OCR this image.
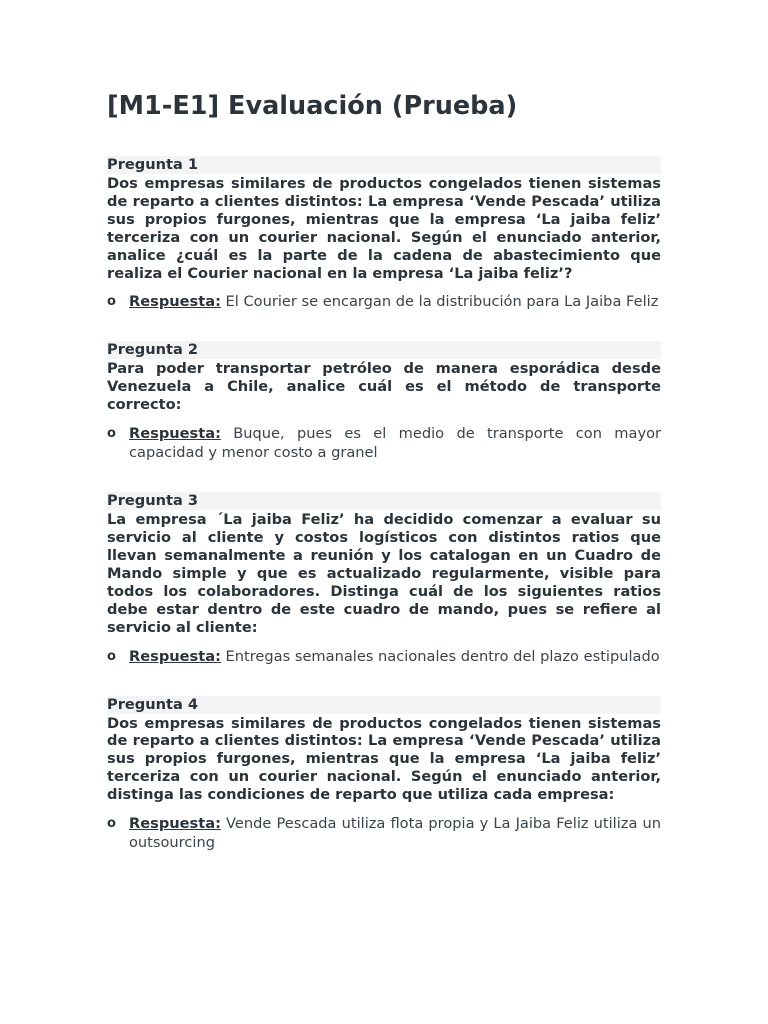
[M1-E1] Evaluación (Prueba)
Pregunta 1
Dos empresas similares de productos congelados tienen sistemas de reparto a clientes distintos: La empresa ‘Vende Pescada’ utiliza sus propios furgones, mientras que la empresa ‘La jaiba feliz’ terceriza con un courier nacional. Según el enunciado anterior, analice ¿cuál es la parte de la cadena de abastecimiento que realiza el Courier nacional en la empresa ‘La jaiba feliz’?
o Respuesta: El Courier se encargan de la distribución para La Jaiba Feliz
Pregunta 2
Para poder transportar petróleo de manera esporádica desde Venezuela a Chile, analice cuál es el método de transporte correcto:
o Respuesta: Buque, pues es el medio de transporte con mayor capacidad y menor costo a granel
Pregunta 3
La empresa ´La jaiba Feliz’ ha decidido comenzar a evaluar su servicio al cliente y costos logísticos con distintos ratios que llevan semanalmente a reunión y los catalogan en un Cuadro de Mando simple y que es actualizado regularmente, visible para todos los colaboradores. Distinga cuál de los siguientes ratios debe estar dentro de este cuadro de mando, pues se refiere al servicio al cliente:
o Respuesta: Entregas semanales nacionales dentro del plazo estipulado
Pregunta 4
Dos empresas similares de productos congelados tienen sistemas de reparto a clientes distintos: La empresa ‘Vende Pescada’ utiliza sus propios furgones, mientras que la empresa ‘La jaiba feliz’ terceriza con un courier nacional. Según el enunciado anterior, distinga las condiciones de reparto que utiliza cada empresa:
o Respuesta: Vende Pescada utiliza flota propia y La Jaiba Feliz utiliza un outsourcing
